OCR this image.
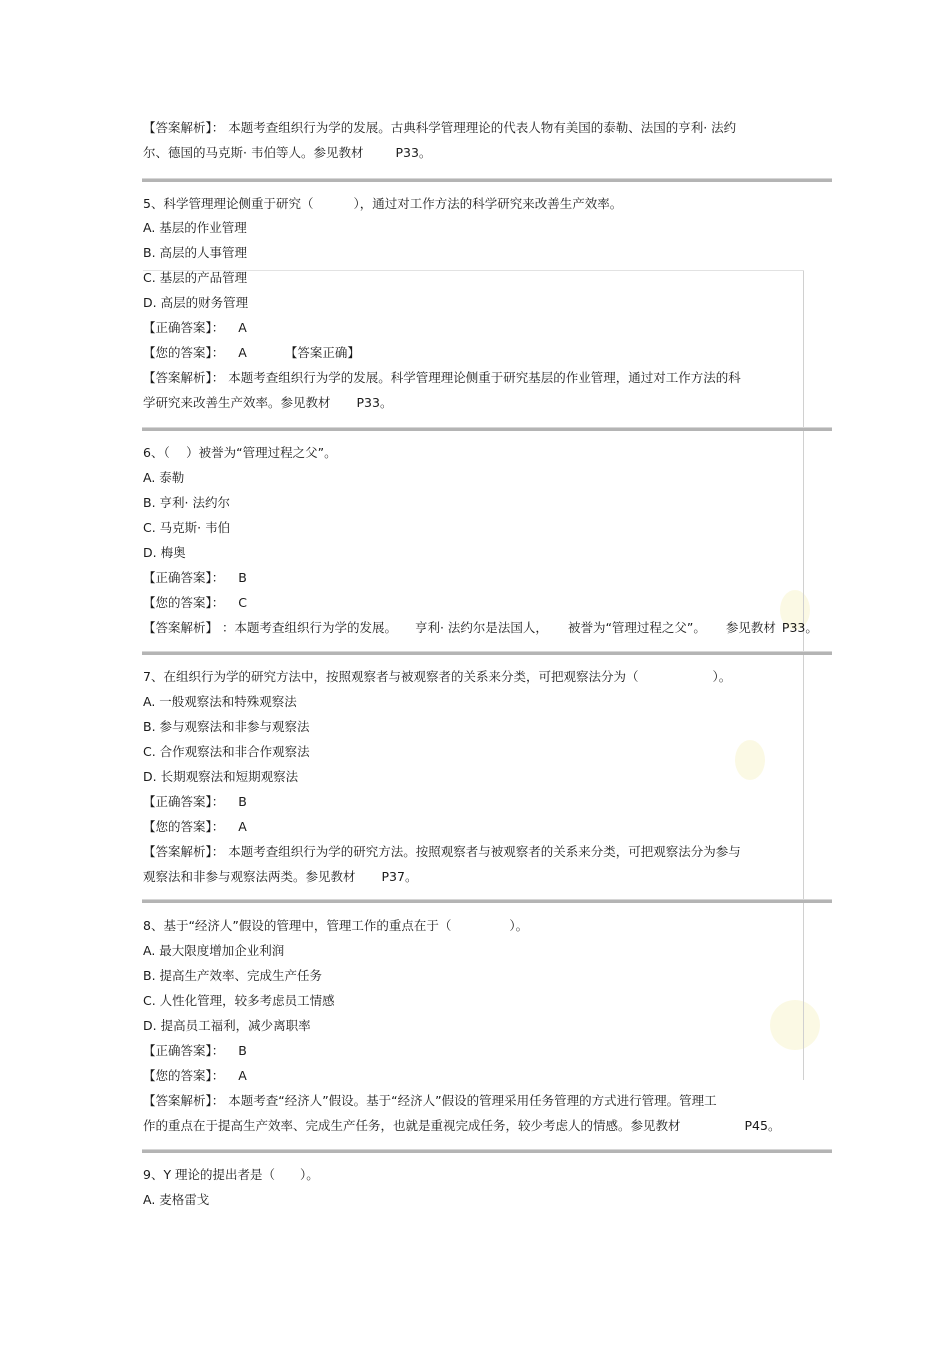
【答案解析】： 本题考查组织行为学的发展。古典科学管理理论的代表人物有美国的泰勒、法国的亨利· 法约
尔、德国的马克斯· 韦伯等人。参见教材	P33。
5、科学管理理论侧重于研究（	），通过对工作方法的科学研究来改善生产效率。
A. 基层的作业管理
B. 高层的人事管理
C. 基层的产品管理
D. 高层的财务管理
【正确答案】： A
【您的答案】： A	【答案正确】
【答案解析】： 本题考查组织行为学的发展。科学管理理论侧重于研究基层的作业管理，通过对工作方法的科
学研究来改善生产效率。参见教材 P33。
6、（　 ）被誉为“管理过程之父”。
A. 泰勒
B. 亨利· 法约尔
C. 马克斯· 韦伯
D. 梅奥
【正确答案】： B
【您的答案】： C
【答案解析】 ：本题考查组织行为学的发展。 亨利· 法约尔是法国人， 被誉为“管理过程之父”。 参见教材 P33。
7、在组织行为学的研究方法中，按照观察者与被观察者的关系来分类，可把观察法分为（	）。
A. 一般观察法和特殊观察法
B. 参与观察法和非参与观察法
C. 合作观察法和非合作观察法
D. 长期观察法和短期观察法
【正确答案】： B
【您的答案】： A
【答案解析】： 本题考查组织行为学的研究方法。按照观察者与被观察者的关系来分类，可把观察法分为参与
观察法和非参与观察法两类。参见教材 P37。
8、基于“经济人”假设的管理中，管理工作的重点在于（	）。
A. 最大限度增加企业利润
B. 提高生产效率、完成生产任务
C. 人性化管理，较多考虑员工情感
D. 提高员工福利，减少离职率
【正确答案】： B
【您的答案】： A
【答案解析】： 本题考查“经济人”假设。基于“经济人”假设的管理采用任务管理的方式进行管理。管理工
作的重点在于提高生产效率、完成生产任务，也就是重视完成任务，较少考虑人的情感。参见教材	P45。
9、Y 理论的提出者是（　　）。
A. 麦格雷戈
